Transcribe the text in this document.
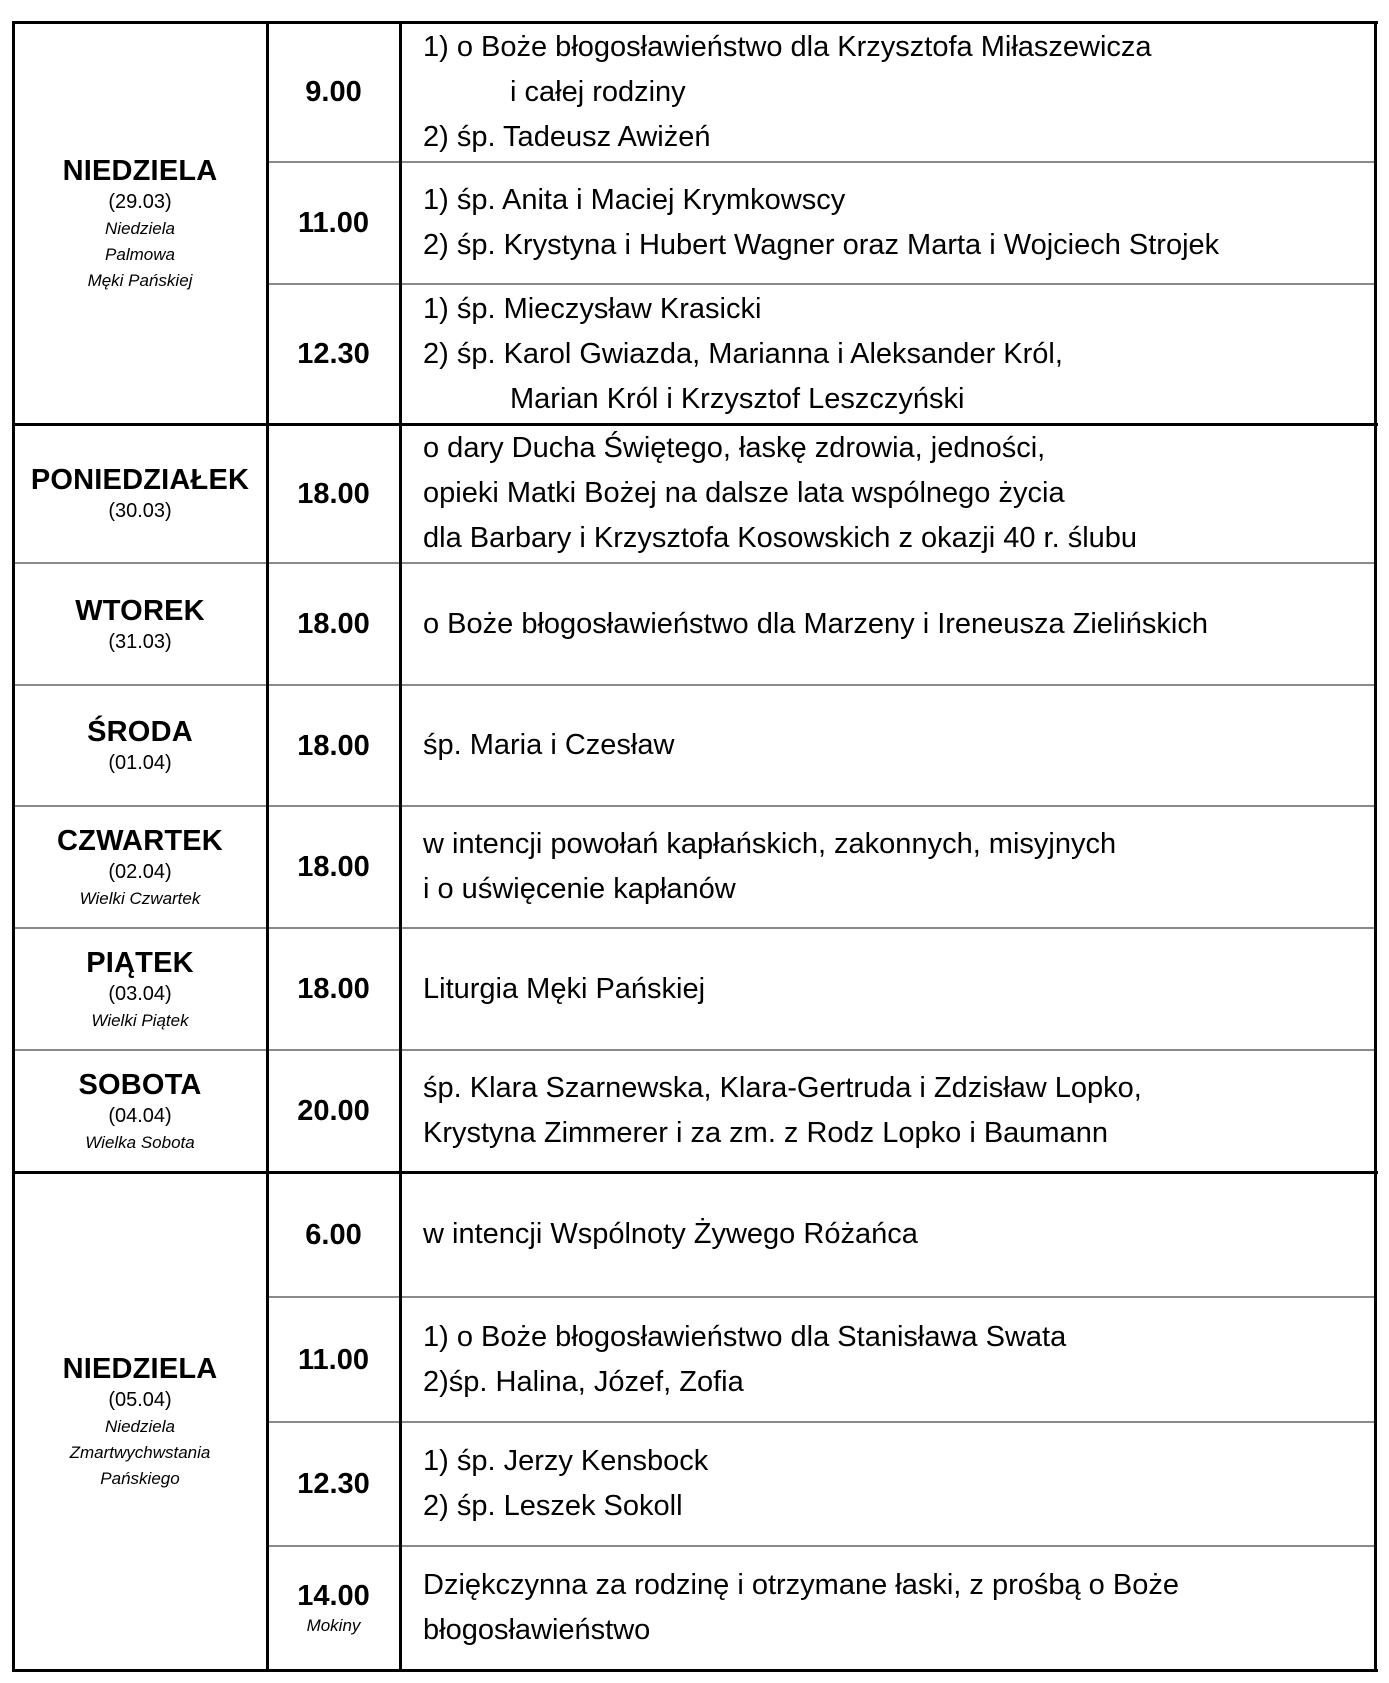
NIEDZIELA
(29.03)
Niedziela
Palmowa
Męki Pańskiej
9.00
1) o Boże błogosławieństwo dla Krzysztofa Miłaszewicza
i całej rodziny
2) śp. Tadeusz Awiżeń
11.00
1) śp. Anita i Maciej Krymkowscy
2) śp. Krystyna i Hubert Wagner oraz Marta i Wojciech Strojek
12.30
1) śp. Mieczysław Krasicki
2) śp. Karol Gwiazda, Marianna i Aleksander Król,
Marian Król i Krzysztof Leszczyński
PONIEDZIAŁEK
(30.03)
18.00
o dary Ducha Świętego, łaskę zdrowia, jedności,
opieki Matki Bożej na dalsze lata wspólnego życia
dla Barbary i Krzysztofa Kosowskich z okazji 40 r. ślubu
WTOREK
(31.03)
18.00 o Boże błogosławieństwo dla Marzeny i Ireneusza Zielińskich
ŚRODA
(01.04)
18.00 śp. Maria i Czesław
CZWARTEK
(02.04)
Wielki Czwartek
18.00
w intencji powołań kapłańskich, zakonnych, misyjnych
i o uświęcenie kapłanów
PIĄTEK
(03.04)
Wielki Piątek
18.00 Liturgia Męki Pańskiej
SOBOTA
(04.04)
Wielka Sobota
20.00
śp. Klara Szarnewska, Klara-Gertruda i Zdzisław Lopko,
Krystyna Zimmerer i za zm. z Rodz Lopko i Baumann
NIEDZIELA
(05.04)
Niedziela
Zmartwychwstania
Pańskiego
6.00 w intencji Wspólnoty Żywego Różańca
11.00
1) o Boże błogosławieństwo dla Stanisława Swata
2)śp. Halina, Józef, Zofia
12.30
1) śp. Jerzy Kensbock
2) śp. Leszek Sokoll
14.00
Mokiny
Dziękczynna za rodzinę i otrzymane łaski, z prośbą o Boże
błogosławieństwo
